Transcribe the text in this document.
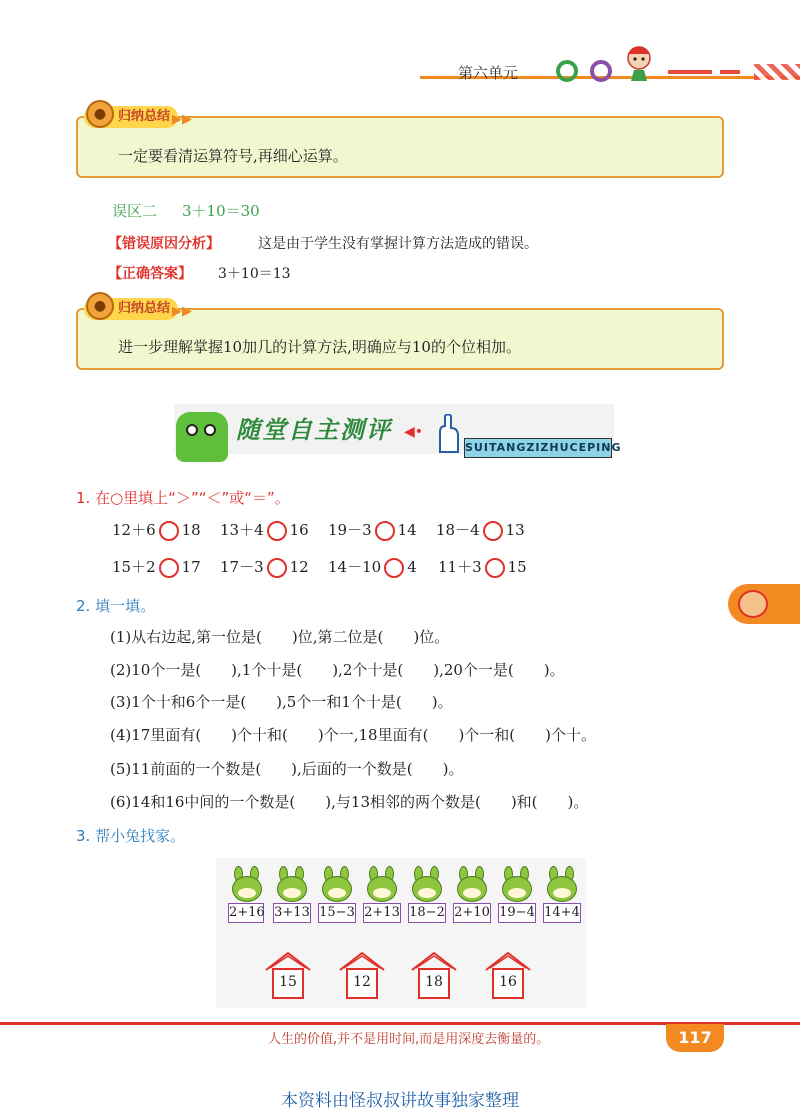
第六单元
● 归纳总结 ▶▶
一定要看清运算符号,再细心运算。
误区二 3＋10＝30
【错误原因分析】	这是由于学生没有掌握计算方法造成的错误。
【正确答案】 3＋10＝13
● 归纳总结 ▶▶
进一步理解掌握10加几的计算方法,明确应与10的个位相加。
随堂自主测评 ◀•
SUITANGZIZHUCEPING
1. 在○里填上“＞”“＜”或“＝”。
12＋6 18 13＋4 16 19－3 14 18－4 13
15＋2 17 17－3 12 14－10 4 11＋3 15
2. 填一填。
(1)从右边起,第一位是(　　)位,第二位是(　　)位。
(2)10个一是(　　),1个十是(　　),2个十是(　　),20个一是(　　)。
(3)1个十和6个一是(　　),5个一和1个十是(　　)。
(4)17里面有(　　)个十和(　　)个一,18里面有(　　)个一和(　　)个十。
(5)11前面的一个数是(　　),后面的一个数是(　　)。
(6)14和16中间的一个数是(　　),与13相邻的两个数是(　　)和(　　)。
3. 帮小兔找家。
2+16 3+13 15−3 2+13 18−2 2+10 19−4 14+4
15	12	18	16
人生的价值,并不是用时间,而是用深度去衡量的。	117
本资料由怪叔叔讲故事独家整理
